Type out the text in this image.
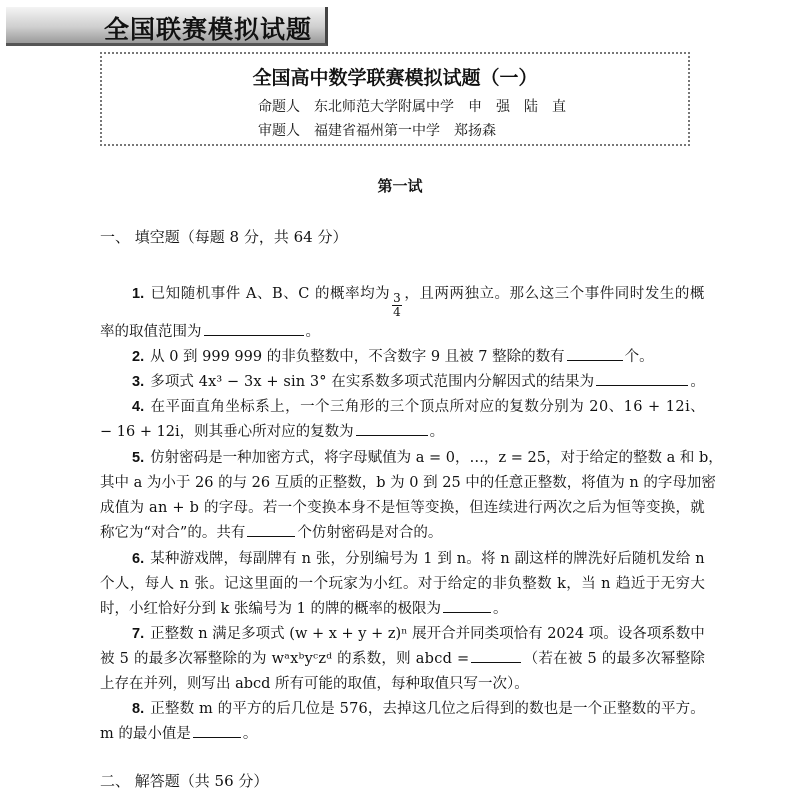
全国联赛模拟试题
全国高中数学联赛模拟试题（一）
命题人　东北师范大学附属中学　申　强　陆　直
审题人　福建省福州第一中学　郑扬森
第一试
一、 填空题（每题 8 分，共 64 分）
1. 已 知 随 机 事 件
A 、 B 、 C
的 概 率 均 为 $\frac{3}{4}$ ， 且 两 两 独 立 。 那 么 这 三 个 事 件 同 时 发 生 的 概
率的取值范围为	。
2. 从 0 到 999 999 的非负整数中，不含数字 9 且被 7 整除的数有	个。
3. 多 项 式
4 x ³
−
3 x
+
s i n
3 °
在 实 系 数 多 项 式 范 围 内 分 解 因 式 的 结 果 为	。
4. 在 平 面 直 角 坐 标 系 上 ， 一 个 三 角 形 的 三 个 顶 点 所 对 应 的 复 数 分 别 为
2 0 、 1 6
+
1 2 i 、
− 16 + 12i，则其垂心所对应的复数为	。
5. 仿 射 密 码 是 一 种 加 密 方 式 ， 将 字 母 赋 值 为
a
=
0 ， … ， z
=
2 5 ， 对 于 给 定 的 整 数
a
和
b ，
其 中
a
为 小 于
2 6
的 与
2 6
互 质 的 正 整 数 ， b
为
0
到
2 5
中 的 任 意 正 整 数 ， 将 值 为
n
的 字 母 加 密
成 值 为
a n
+
b
的 字 母 。 若 一 个 变 换 本 身 不 是 恒 等 变 换 ， 但 连 续 进 行 两 次 之 后 为 恒 等 变 换 ， 就
称它为“对合”的。共有	个仿射密码是对合的。
6. 某 种 游 戏 牌 ， 每 副 牌 有
n
张 ， 分 别 编 号 为
1
到
n 。 将
n
副 这 样 的 牌 洗 好 后 随 机 发 给
n
个 人 ， 每 人
n
张 。 记 这 里 面 的 一 个 玩 家 为 小 红 。 对 于 给 定 的 非 负 整 数
k ， 当
n
趋 近 于 无 穷 大
时，小红恰好分到 k 张编号为 1 的牌的概率的极限为	。
7. 正 整 数
n
满 足 多 项 式
( w
+
x
+
y
+
z ) ⁿ
展 开 合 并 同 类 项 恰 有
2 0 2 4
项 。 设 各 项 系 数 中
被
5
的 最 多 次 幂 整 除 的 为
w ᵃ x ᵇ y ᶜ z ᵈ
的 系 数 ， 则
a b c d
=	（ 若 在 被
5
的 最 多 次 幂 整 除
上存在并列，则写出 abcd 所有可能的取值，每种取值只写一次）。
8. 正 整 数
m
的 平 方 的 后 几 位 是
5 7 6 ， 去 掉 这 几 位 之 后 得 到 的 数 也 是 一 个 正 整 数 的 平 方 。
m 的最小值是	。
二、 解答题（共 56 分）
